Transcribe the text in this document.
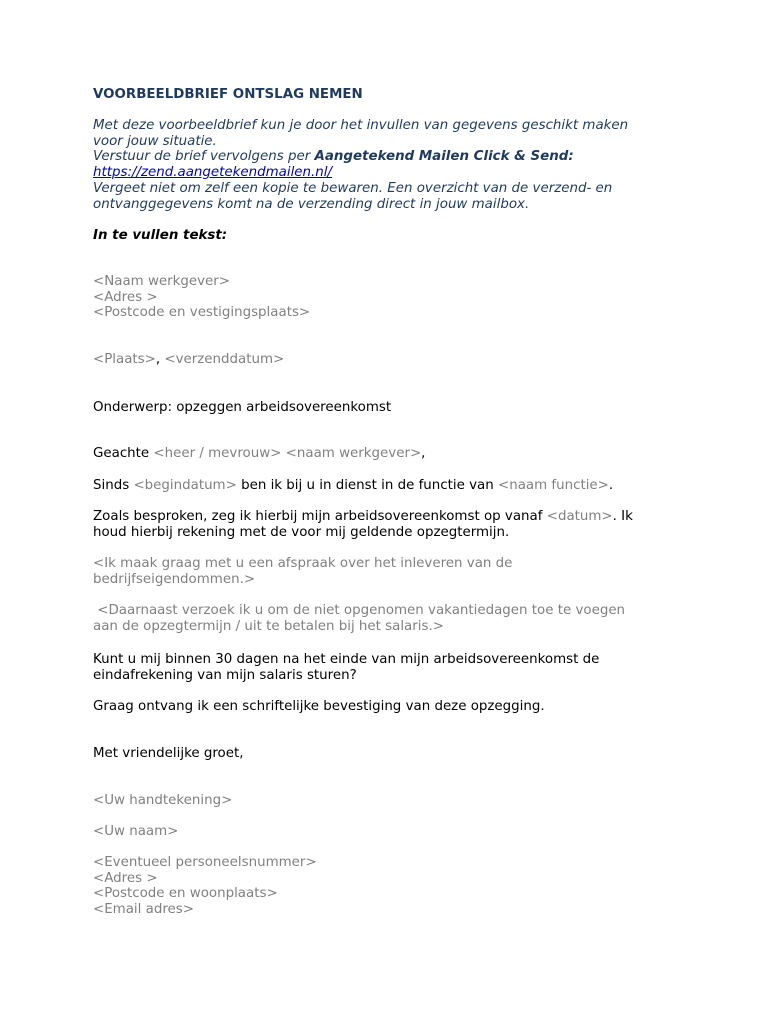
VOORBEELDBRIEF ONTSLAG NEMEN
Met deze voorbeeldbrief kun je door het invullen van gegevens geschikt maken
voor jouw situatie.
Verstuur de brief vervolgens per Aangetekend Mailen Click & Send:
https://zend.aangetekendmailen.nl/
Vergeet niet om zelf een kopie te bewaren. Een overzicht van de verzend- en
ontvanggegevens komt na de verzending direct in jouw mailbox.
In te vullen tekst:
<Naam werkgever>
<Adres >
<Postcode en vestigingsplaats>
<Plaats>, <verzenddatum>
Onderwerp: opzeggen arbeidsovereenkomst
Geachte <heer / mevrouw> <naam werkgever>,
Sinds <begindatum> ben ik bij u in dienst in de functie van <naam functie>.
Zoals besproken, zeg ik hierbij mijn arbeidsovereenkomst op vanaf <datum>. Ik
houd hierbij rekening met de voor mij geldende opzegtermijn.
<Ik maak graag met u een afspraak over het inleveren van de
bedrijfseigendommen.>
<Daarnaast verzoek ik u om de niet opgenomen vakantiedagen toe te voegen
aan de opzegtermijn / uit te betalen bij het salaris.>
Kunt u mij binnen 30 dagen na het einde van mijn arbeidsovereenkomst de
eindafrekening van mijn salaris sturen?
Graag ontvang ik een schriftelijke bevestiging van deze opzegging.
Met vriendelijke groet,
<Uw handtekening>
<Uw naam>
<Eventueel personeelsnummer>
<Adres >
<Postcode en woonplaats>
<Email adres>
